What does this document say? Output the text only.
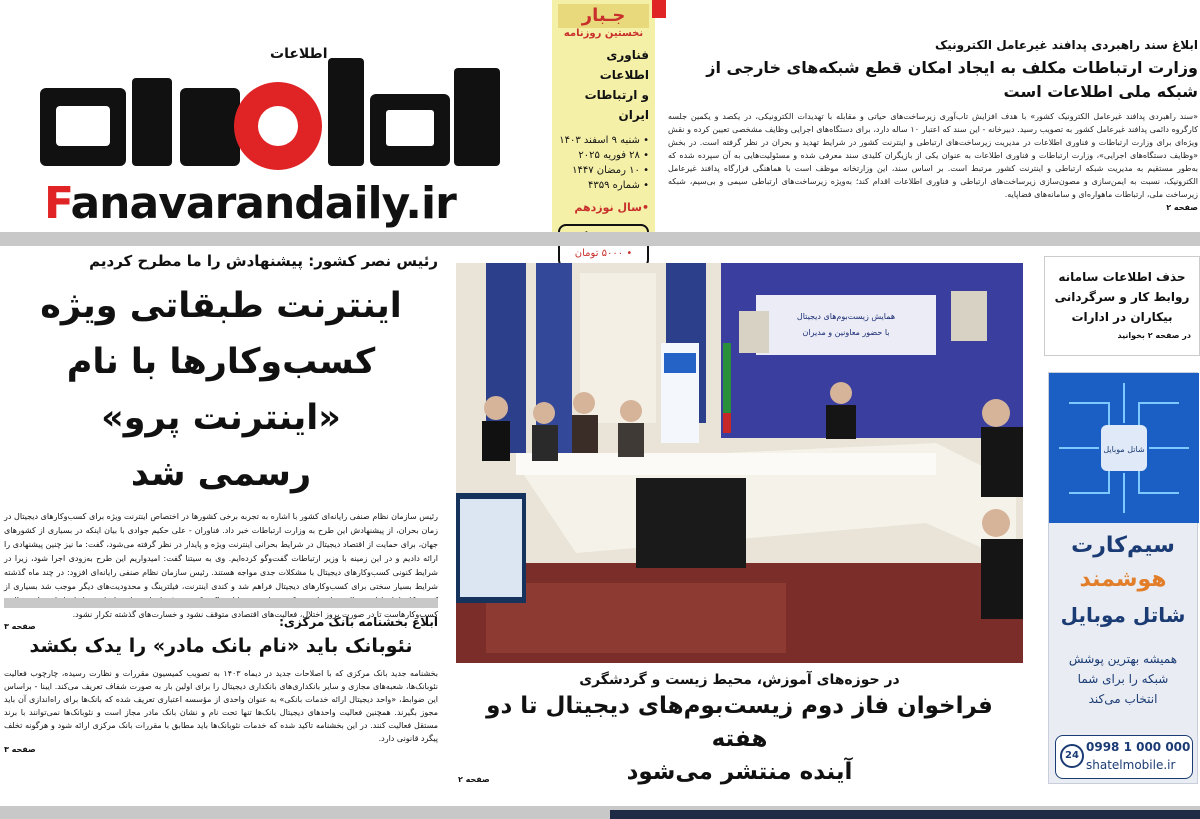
اطلاعات
Fanavarandaily.ir
جـبار
نخستین روزنامه
فناوری اطلاعات
و ارتباطات ایران
• شنبه ۹ اسفند ۱۴۰۳
• ۲۸ فوریه ۲۰۲۵
• ۱۰ رمضان ۱۴۴۷
• شماره ۴۳۵۹
•سال نوزدهم
• ۵۰۰۰ تومان
ابلاغ سند راهبردی پدافند غیرعامل الکترونیک
وزارت ارتباطات مکلف به ایجاد امکان قطع شبکه‌های خارجی از شبکه ملی اطلاعات است
«سند راهبردی پدافند غیرعامل الکترونیک کشور» با هدف افزایش تاب‌آوری زیرساخت‌های حیاتی و مقابله با تهدیدات الکترونیکی، در یکصد و یکمین جلسه کارگروه دائمی پدافند غیرعامل کشور به تصویب رسید. دبیرخانه - این سند که اعتبار ۱۰ ساله دارد، برای دستگاه‌های اجرایی وظایف مشخصی تعیین کرده و نقش ویژه‌ای برای وزارت ارتباطات و فناوری اطلاعات در مدیریت زیرساخت‌های ارتباطی و اینترنت کشور در شرایط تهدید و بحران در نظر گرفته است. در بخش «وظایف دستگاه‌های اجرایی»، وزارت ارتباطات و فناوری اطلاعات به عنوان یکی از بازیگران کلیدی سند معرفی شده و مسئولیت‌هایی به آن سپرده شده که به‌طور مستقیم به مدیریت شبکه ارتباطی و اینترنت کشور مرتبط است. بر اساس سند، این وزارتخانه موظف است با هماهنگی قرارگاه پدافند غیرعامل الکترونیک، نسبت به ایمن‌سازی و مصون‌سازی زیرساخت‌های ارتباطی و فناوری اطلاعات اقدام کند؛ به‌ویژه زیرساخت‌های ارتباطی سیمی و بی‌سیم، شبکه زیرساخت ملی، ارتباطات ماهواره‌ای و سامانه‌های فضاپایه.
صفحه ۲
رئیس نصر کشور: پیشنهادش را ما مطرح کردیم
اینترنت طبقاتی ویژه
کسب‌و‌کارها با نام «اینترنت پرو»
رسمی شد
رئیس سازمان نظام صنفی رایانه‌ای کشور با اشاره به تجربه برخی کشورها در اختصاص اینترنت ویژه برای کسب‌و‌کارهای دیجیتال در زمان بحران، از پیشنهادش این طرح به وزارت ارتباطات خبر داد. فناوران - علی حکیم جوادی با بیان اینکه در بسیاری از کشورهای جهان، برای حمایت از اقتصاد دیجیتال در شرایط بحرانی اینترنت ویژه و پایدار در نظر گرفته می‌شود، گفت: ما نیز چنین پیشنهادی را ارائه دادیم و در این زمینه با وزیر ارتباطات گفت‌وگو کرده‌ایم. وی به سیتنا گفت: امیدواریم این طرح به‌زودی اجرا شود، زیرا در شرایط کنونی کسب‌و‌کارهای دیجیتال با مشکلات جدی مواجه هستند. رئیس سازمان نظام صنفی رایانه‌ای افزود: در چند ماه گذشته شرایط بسیار سختی برای کسب‌و‌کارهای دیجیتال فراهم شد و کندی اینترنت، فیلترینگ و محدودیت‌های دیگر موجب شد بسیاری از کسب‌و‌کارهاست تا در صورت بروز اختلال، فعالیت‌های اقتصادی متوقف نشود و خسارت‌های گذشته تکرار نشود.
صفحه ۳	ابلاغ بخشنامه بانک مرکزی:
نئوبانک باید «نام بانک مادر» را یدک بکشد
بخشنامه جدید بانک مرکزی که با اصلاحات جدید در دیماه ۱۴۰۳ به تصویب کمیسیون مقررات و نظارت رسیده، چارچوب فعالیت نئوبانک‌ها، شعبه‌های مجازی و سایر بانکداری‌های بانکداری دیجیتال را برای اولین بار به صورت شفاف تعریف می‌کند. ایبنا - براساس این ضوابط، «واحد دیجیتال ارائه خدمات بانکی» به عنوان واحدی از مؤسسه اعتباری تعریف شده که بانک‌ها برای راه‌اندازی آن باید مجوز بگیرند. همچنین فعالیت واحدهای دیجیتال بانک‌ها تنها تحت نام و نشان بانک مادر مجاز است و نئوبانک‌ها نمی‌توانند با برند مستقل فعالیت کنند. در این بخشنامه تاکید شده که خدمات نئوبانک‌ها باید مطابق با مقررات بانک مرکزی ارائه شود و هرگونه تخلف پیگرد قانونی دارد.
صفحه ۳
همایش زیست‌بوم‌های دیجیتال
با حضور معاونین و مدیران
در حوزه‌های آموزش، محیط زیست و گردشگری
فراخوان فاز دوم زیست‌بوم‌های دیجیتال تا دو هفته
آینده منتشر می‌شود
صفحه ۲
حذف اطلاعات سامانه
روابط کار و سرگردانی
بیکاران در ادارات
در صفحه ۲ بخوانید
شاتل موبایل
سیم‌کارت
هوشمند
شاتل موبایل
همیشه بهترین پوشش
شبکه را برای شما
انتخاب می‌کند
24
0998 1 000 000
shatelmobile.ir
